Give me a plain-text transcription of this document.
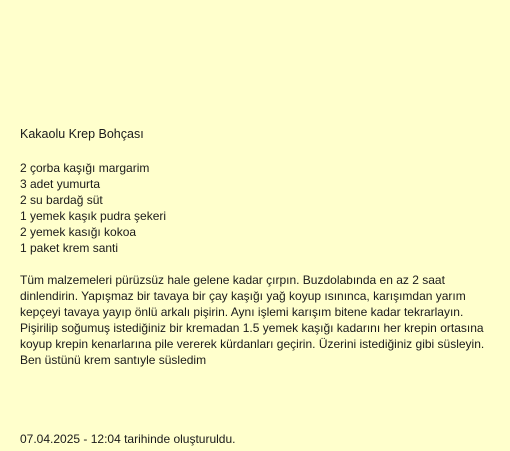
Kakaolu Krep Bohçası
2 çorba kaşığı margarim
3 adet yumurta
2 su bardağ süt
1 yemek kaşık pudra şekeri
2 yemek kasığı kokoa
1 paket krem santi

Tüm malzemeleri pürüzsüz hale gelene kadar çırpın. Buzdolabında en az 2 saat dinlendirin. Yapışmaz bir tavaya bir çay kaşığı yağ koyup ısınınca, karışımdan yarım kepçeyi tavaya yayıp önlü arkalı pişirin. Aynı işlemi karışım bitene kadar tekrarlayın.

Pişirilip soğumuş istediğiniz bir kremadan 1.5 yemek kaşığı kadarını her krepin ortasına koyup krepin kenarlarına pile vererek kürdanları geçirin. Üzerini istediğiniz gibi süsleyin. Ben üstünü krem santıyle süsledim

07.04.2025 - 12:04 tarihinde oluşturuldu.
